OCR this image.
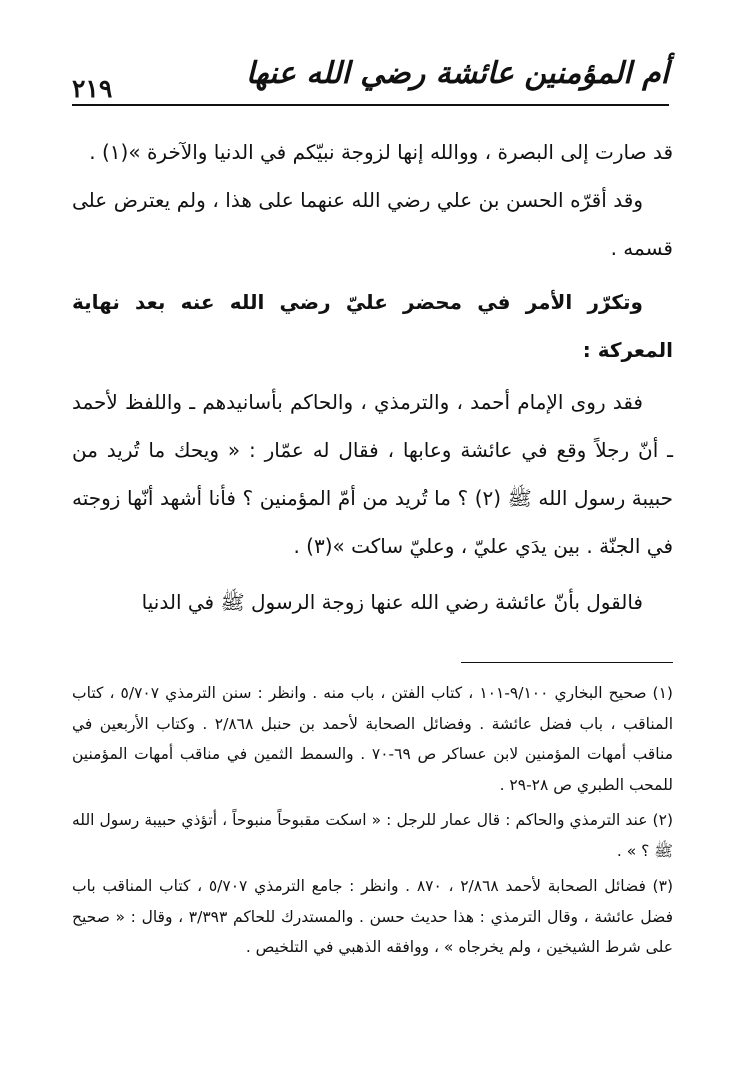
٢١٩	أم المؤمنين عائشة رضي الله عنها

قد صارت إلى البصرة ، ووالله إنها لزوجة نبيّكم في الدنيا والآخرة »(١) .

وقد أقرّه الحسن بن علي رضي الله عنهما على هذا ، ولم يعترض على قسمه .

وتكرّر الأمر في محضر عليّ رضي الله عنه بعد نهاية المعركة :

فقد روى الإمام أحمد ، والترمذي ، والحاكم بأسانيدهم ـ واللفظ لأحمد ـ أنّ رجلاً وقع في عائشة وعابها ، فقال له عمّار : « ويحك ما تُريد من حبيبة رسول الله ﷺ (٢) ؟ ما تُريد من أمّ المؤمنين ؟ فأنا أشهد أنّها زوجته في الجنّة . بين يدَي عليّ ، وعليّ ساكت »(٣) .

فالقول بأنّ عائشة رضي الله عنها زوجة الرسول ﷺ في الدنيا

(١) صحيح البخاري ٩/١٠٠-١٠١ ، كتاب الفتن ، باب منه . وانظر : سنن الترمذي ٥/٧٠٧ ، كتاب المناقب ، باب فضل عائشة . وفضائل الصحابة لأحمد بن حنبل ٢/٨٦٨ . وكتاب الأربعين في مناقب أمهات المؤمنين لابن عساكر ص ٦٩-٧٠ . والسمط الثمين في مناقب أمهات المؤمنين للمحب الطبري ص ٢٨-٢٩ .

(٢) عند الترمذي والحاكم : قال عمار للرجل : « اسكت مقبوحاً منبوحاً ، أتؤذي حبيبة رسول الله ﷺ ؟ » .

(٣) فضائل الصحابة لأحمد ٢/٨٦٨ ، ٨٧٠ . وانظر : جامع الترمذي ٥/٧٠٧ ، كتاب المناقب باب فضل عائشة ، وقال الترمذي : هذا حديث حسن . والمستدرك للحاكم ٣/٣٩٣ ، وقال : « صحيح على شرط الشيخين ، ولم يخرجاه » ، ووافقه الذهبي في التلخيص .
